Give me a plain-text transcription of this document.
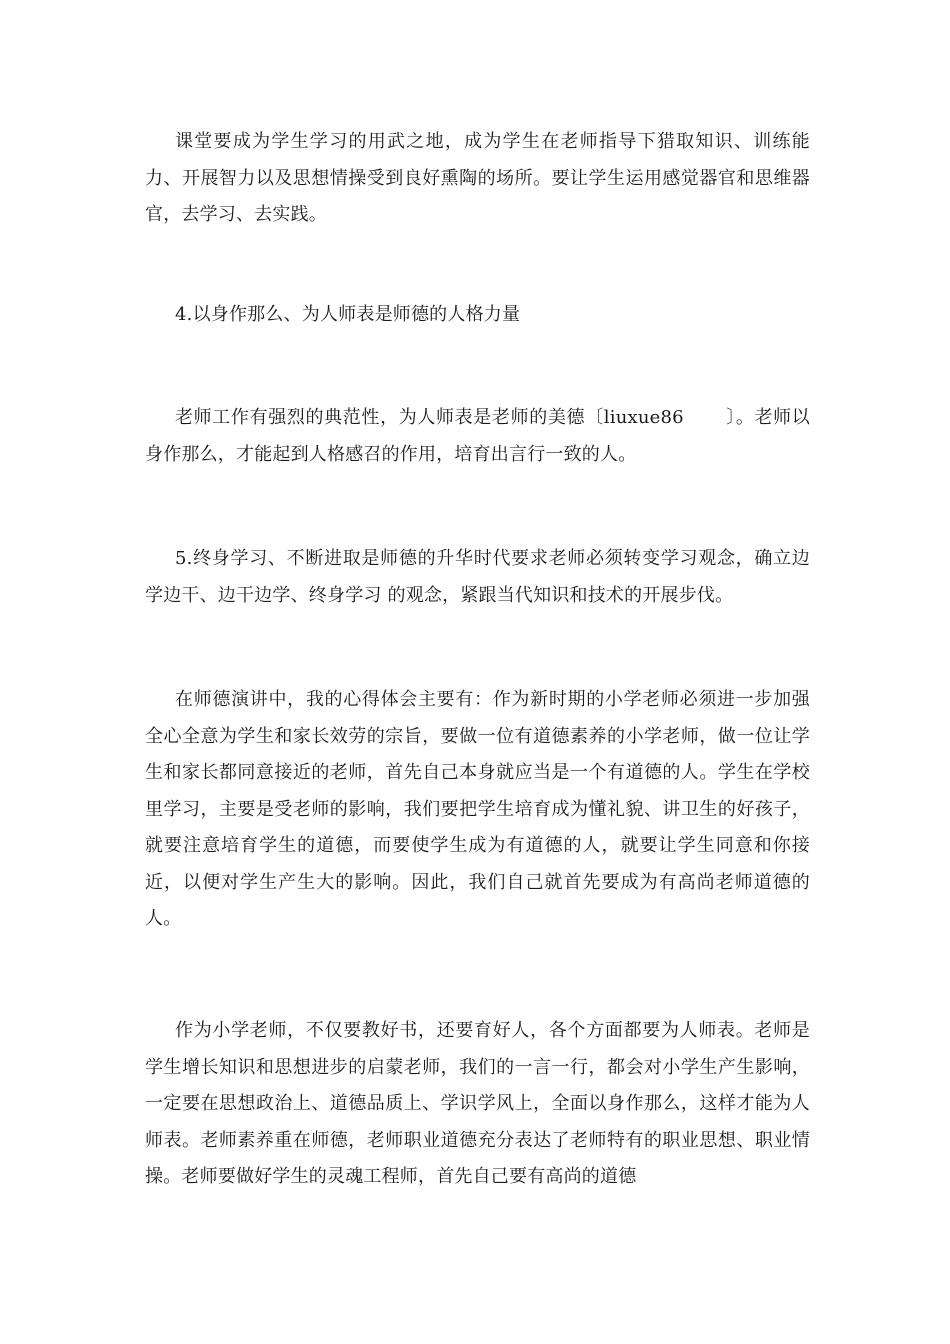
课堂要成为学生学习的用武之地，成为学生在老师指导下猎取知识、训练能力、开展智力以及思想情操受到良好熏陶的场所。要让学生运用感觉器官和思维器官，去学习、去实践。

4.以身作那么、为人师表是师德的人格力量

老师工作有强烈的典范性，为人师表是老师的美德〔liuxue86 〕。老师以身作那么，才能起到人格感召的作用，培育出言行一致的人。

5.终身学习、不断进取是师德的升华时代要求老师必须转变学习观念，确立边学边干、边干边学、终身学习 的观念，紧跟当代知识和技术的开展步伐。

在师德演讲中，我的心得体会主要有：作为新时期的小学老师必须进一步加强全心全意为学生和家长效劳的宗旨，要做一位有道德素养的小学老师，做一位让学生和家长都同意接近的老师，首先自己本身就应当是一个有道德的人。学生在学校里学习，主要是受老师的影响，我们要把学生培育成为懂礼貌、讲卫生的好孩子，就要注意培育学生的道德，而要使学生成为有道德的人，就要让学生同意和你接近，以便对学生产生大的影响。因此，我们自己就首先要成为有高尚老师道德的人。

作为小学老师，不仅要教好书，还要育好人，各个方面都要为人师表。老师是学生增长知识和思想进步的启蒙老师，我们的一言一行，都会对小学生产生影响，一定要在思想政治上、道德品质上、学识学风上，全面以身作那么，这样才能为人师表。老师素养重在师德，老师职业道德充分表达了老师特有的职业思想、职业情操。老师要做好学生的灵魂工程师，首先自己要有高尚的道德
